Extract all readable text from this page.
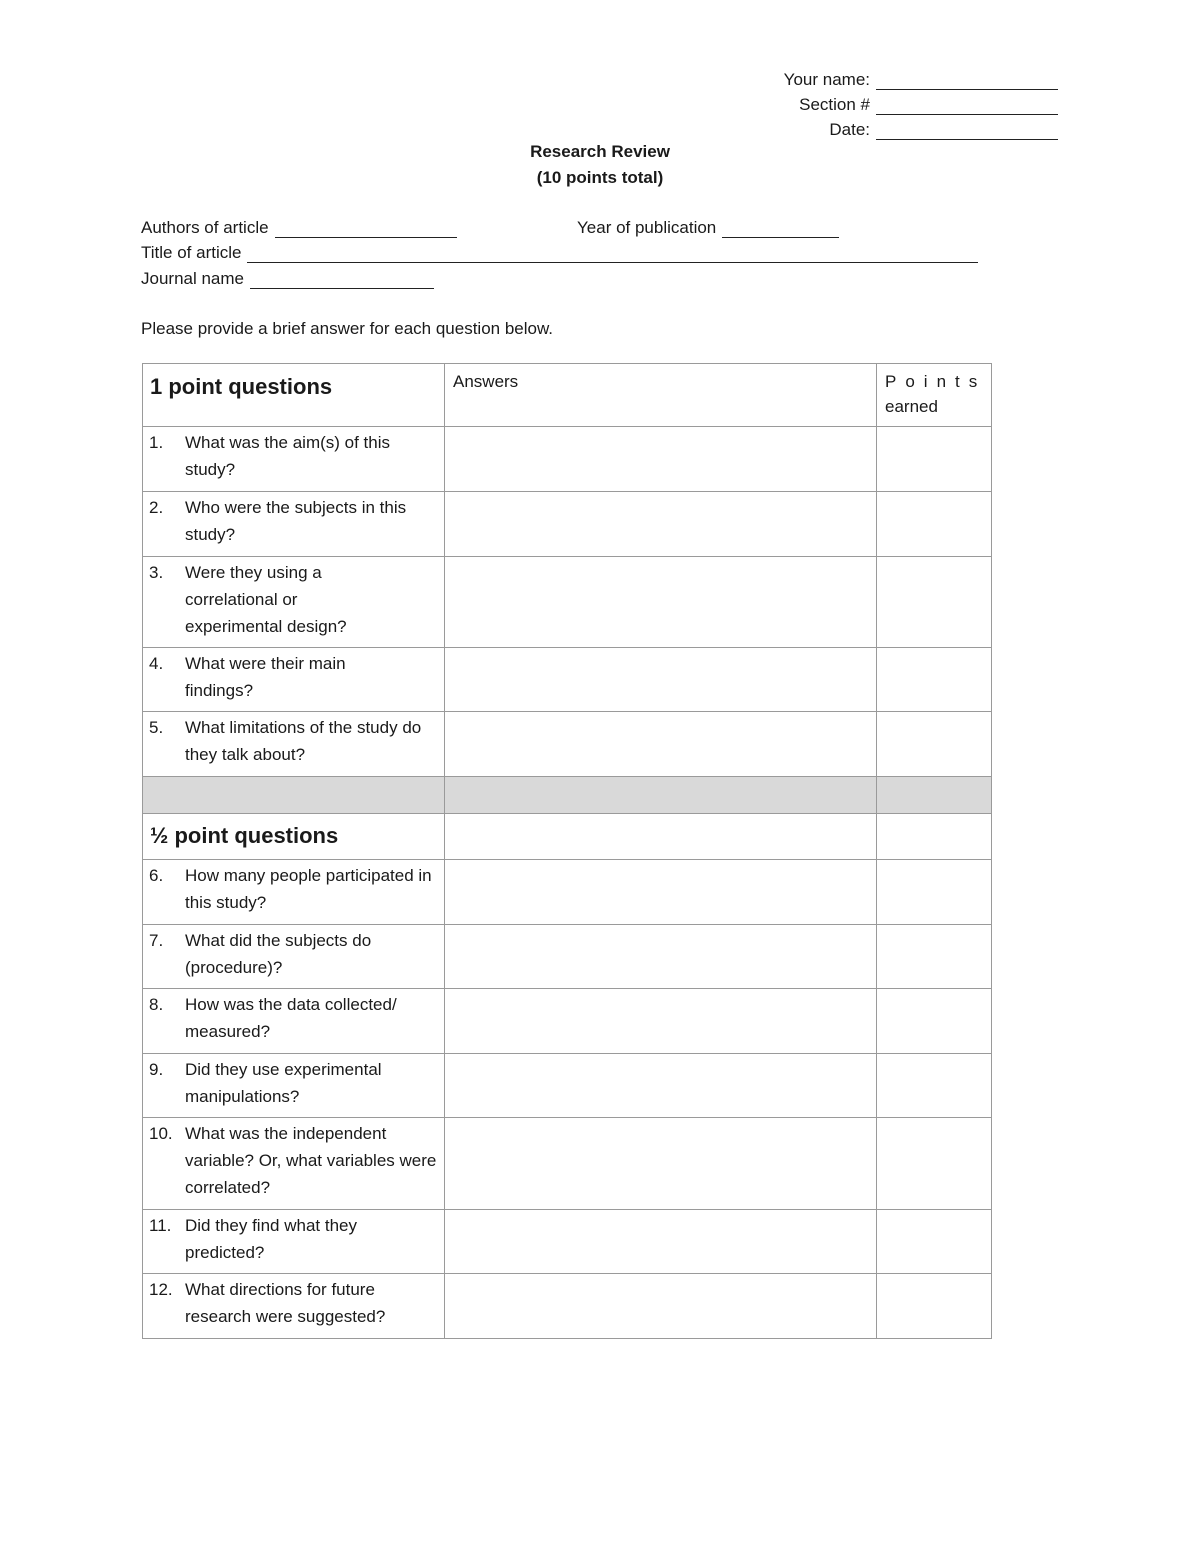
Your name:
Section #
Date:
Research Review
(10 points total)
Authors of article	Year of publication
Title of article
Journal name
Please provide a brief answer for each question below.
1 point questions	Answers	Points
earned

1. What was the aim(s) of this study?		

2. Who were the subjects in this study?		

3. Were they using a correlational or experimental design?		

4. What were their main findings?		

5. What limitations of the study do they talk about?		

½ point questions		

6. How many people participated in this study?		

7. What did the subjects do (procedure)?		

8. How was the data collected/ measured?		

9. Did they use experimental manipulations?		

10. What was the independent variable? Or, what variables were correlated?		

11. Did they find what they predicted?		

12. What directions for future research were suggested?		
